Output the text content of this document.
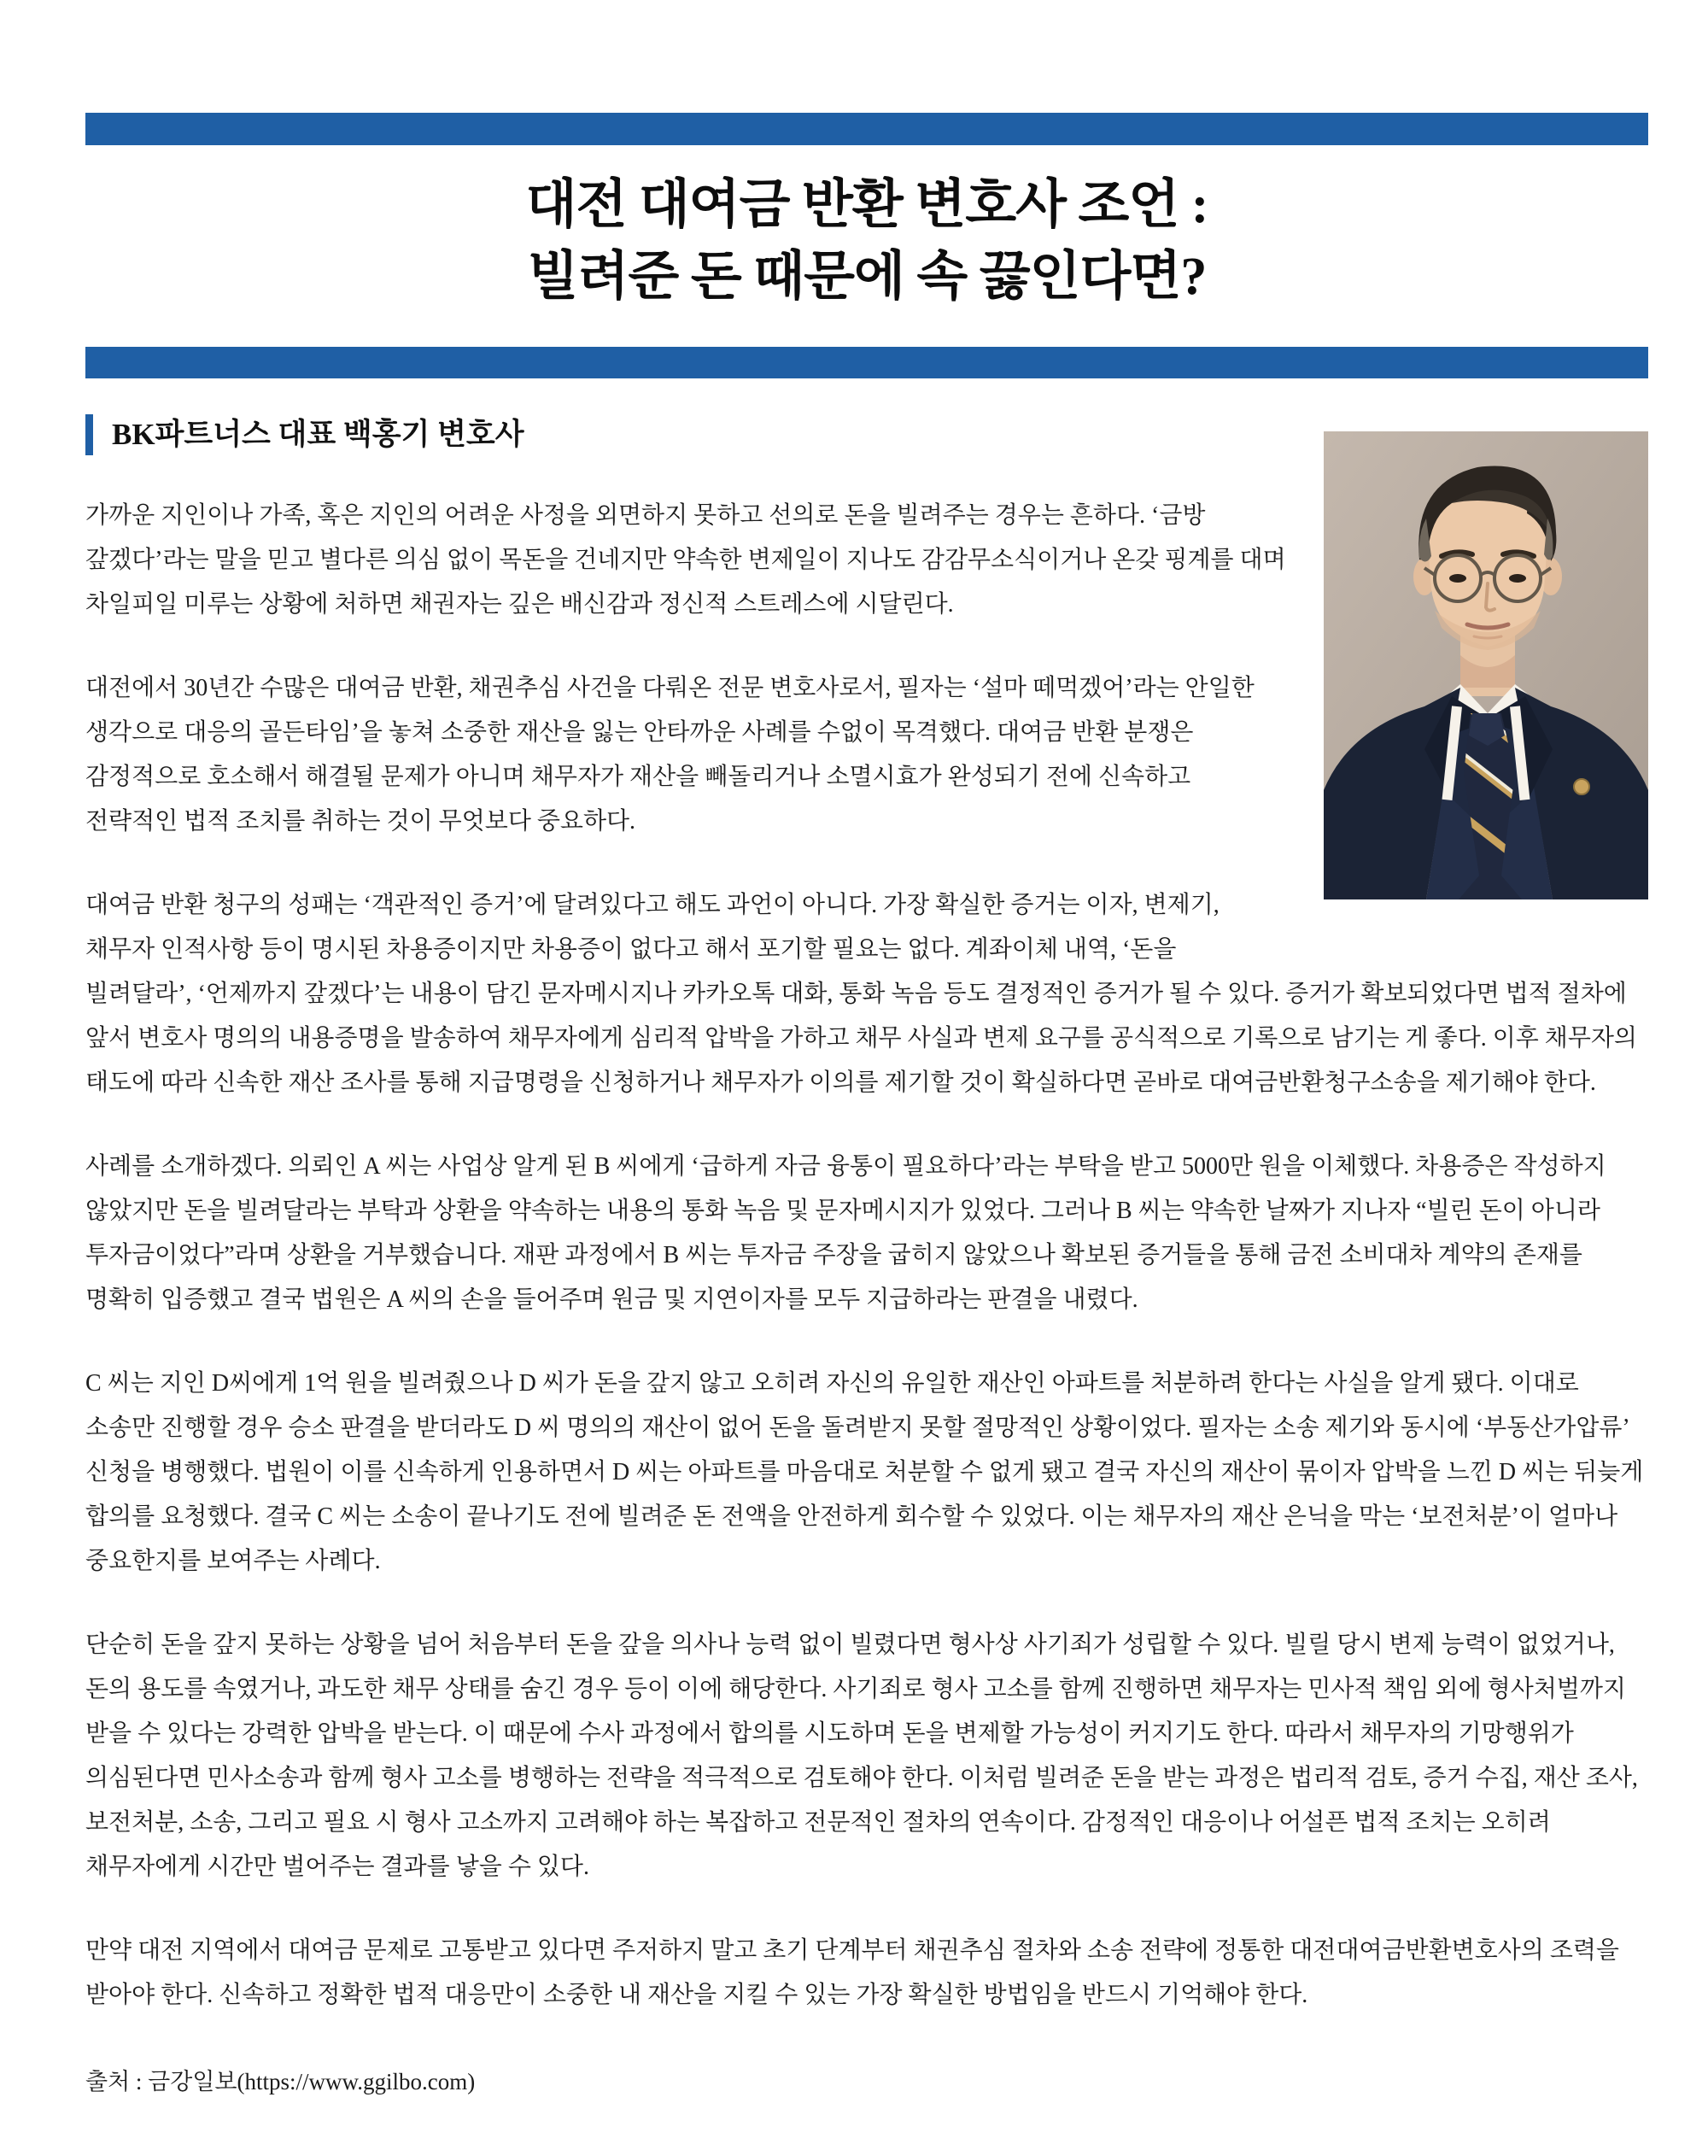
대전 대여금 반환 변호사 조언 :
빌려준 돈 때문에 속 끓인다면?
BK파트너스 대표 백홍기 변호사

가까운 지인이나 가족, 혹은 지인의 어려운 사정을 외면하지 못하고 선의로 돈을 빌려주는 경우는 흔하다. ‘금방 갚겠다’라는 말을 믿고 별다른 의심 없이 목돈을 건네지만 약속한 변제일이 지나도 감감무소식이거나 온갖 핑계를 대며 차일피일 미루는 상황에 처하면 채권자는 깊은 배신감과 정신적 스트레스에 시달린다.

대전에서 30년간 수많은 대여금 반환, 채권추심 사건을 다뤄온 전문 변호사로서, 필자는 ‘설마 떼먹겠어’라는 안일한 생각으로 대응의 골든타임’을 놓쳐 소중한 재산을 잃는 안타까운 사례를 수없이 목격했다. 대여금 반환 분쟁은 감정적으로 호소해서 해결될 문제가 아니며 채무자가 재산을 빼돌리거나 소멸시효가 완성되기 전에 신속하고 전략적인 법적 조치를 취하는 것이 무엇보다 중요하다.

대여금 반환 청구의 성패는 ‘객관적인 증거’에 달려있다고 해도 과언이 아니다. 가장 확실한 증거는 이자, 변제기, 채무자 인적사항 등이 명시된 차용증이지만 차용증이 없다고 해서 포기할 필요는 없다. 계좌이체 내역, ‘돈을 빌려달라’, ‘언제까지 갚겠다’는 내용이 담긴 문자메시지나 카카오톡 대화, 통화 녹음 등도 결정적인 증거가 될 수 있다. 증거가 확보되었다면 법적 절차에 앞서 변호사 명의의 내용증명을 발송하여 채무자에게 심리적 압박을 가하고 채무 사실과 변제 요구를 공식적으로 기록으로 남기는 게 좋다. 이후 채무자의 태도에 따라 신속한 재산 조사를 통해 지급명령을 신청하거나 채무자가 이의를 제기할 것이 확실하다면 곧바로 대여금반환청구소송을 제기해야 한다.

사례를 소개하겠다. 의뢰인 A 씨는 사업상 알게 된 B 씨에게 ‘급하게 자금 융통이 필요하다’라는 부탁을 받고 5000만 원을 이체했다. 차용증은 작성하지 않았지만 돈을 빌려달라는 부탁과 상환을 약속하는 내용의 통화 녹음 및 문자메시지가 있었다. 그러나 B 씨는 약속한 날짜가 지나자 “빌린 돈이 아니라 투자금이었다”라며 상환을 거부했습니다. 재판 과정에서 B 씨는 투자금 주장을 굽히지 않았으나 확보된 증거들을 통해 금전 소비대차 계약의 존재를 명확히 입증했고 결국 법원은 A 씨의 손을 들어주며 원금 및 지연이자를 모두 지급하라는 판결을 내렸다.

C 씨는 지인 D씨에게 1억 원을 빌려줬으나 D 씨가 돈을 갚지 않고 오히려 자신의 유일한 재산인 아파트를 처분하려 한다는 사실을 알게 됐다. 이대로 소송만 진행할 경우 승소 판결을 받더라도 D 씨 명의의 재산이 없어 돈을 돌려받지 못할 절망적인 상황이었다. 필자는 소송 제기와 동시에 ‘부동산가압류’ 신청을 병행했다. 법원이 이를 신속하게 인용하면서 D 씨는 아파트를 마음대로 처분할 수 없게 됐고 결국 자신의 재산이 묶이자 압박을 느낀 D 씨는 뒤늦게 합의를 요청했다. 결국 C 씨는 소송이 끝나기도 전에 빌려준 돈 전액을 안전하게 회수할 수 있었다. 이는 채무자의 재산 은닉을 막는 ‘보전처분’이 얼마나 중요한지를 보여주는 사례다.

단순히 돈을 갚지 못하는 상황을 넘어 처음부터 돈을 갚을 의사나 능력 없이 빌렸다면 형사상 사기죄가 성립할 수 있다. 빌릴 당시 변제 능력이 없었거나, 돈의 용도를 속였거나, 과도한 채무 상태를 숨긴 경우 등이 이에 해당한다. 사기죄로 형사 고소를 함께 진행하면 채무자는 민사적 책임 외에 형사처벌까지 받을 수 있다는 강력한 압박을 받는다. 이 때문에 수사 과정에서 합의를 시도하며 돈을 변제할 가능성이 커지기도 한다. 따라서 채무자의 기망행위가 의심된다면 민사소송과 함께 형사 고소를 병행하는 전략을 적극적으로 검토해야 한다. 이처럼 빌려준 돈을 받는 과정은 법리적 검토, 증거 수집, 재산 조사, 보전처분, 소송, 그리고 필요 시 형사 고소까지 고려해야 하는 복잡하고 전문적인 절차의 연속이다. 감정적인 대응이나 어설픈 법적 조치는 오히려 채무자에게 시간만 벌어주는 결과를 낳을 수 있다.

만약 대전 지역에서 대여금 문제로 고통받고 있다면 주저하지 말고 초기 단계부터 채권추심 절차와 소송 전략에 정통한 대전대여금반환변호사의 조력을 받아야 한다. 신속하고 정확한 법적 대응만이 소중한 내 재산을 지킬 수 있는 가장 확실한 방법임을 반드시 기억해야 한다.

출처 : 금강일보(https://www.ggilbo.com)
